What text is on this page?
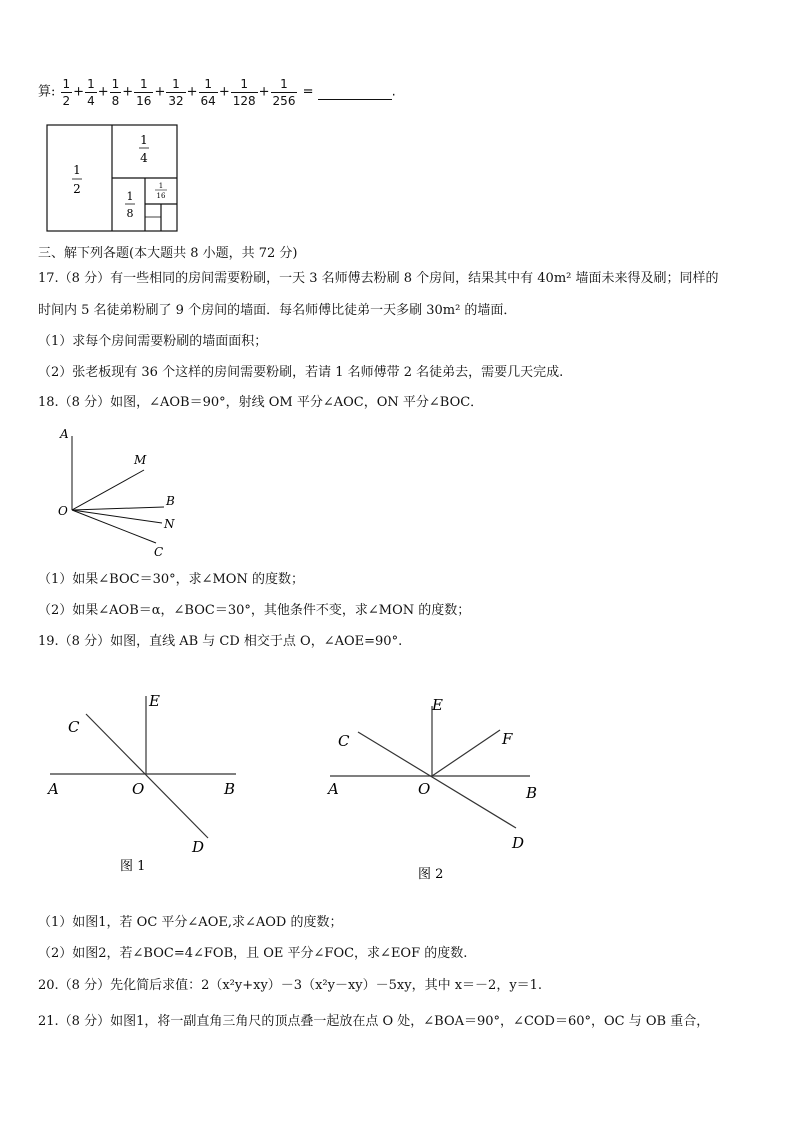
算: $\frac{1}{2} + \frac{1}{4} + \frac{1}{8} + \frac{1}{16} + \frac{1}{32} + \frac{1}{64} + \frac{1}{128} + \frac{1}{256}$ =	.
1
2
1
4
1
8
1
16
三、解下列各题(本大题共 8 小题，共 72 分)
17.（8 分）有一些相同的房间需要粉刷，一天 3 名师傅去粉刷 8 个房间，结果其中有 40m² 墙面未来得及刷；同样的
时间内 5 名徒弟粉刷了 9 个房间的墙面．每名师傅比徒弟一天多刷 30m² 的墙面．
（1）求每个房间需要粉刷的墙面面积；
（2）张老板现有 36 个这样的房间需要粉刷，若请 1 名师傅带 2 名徒弟去，需要几天完成.
18.（8 分）如图，∠AOB＝90°，射线 OM 平分∠AOC，ON 平分∠BOC．
A
M
B
O
N
C
（1）如果∠BOC＝30°，求∠MON 的度数；
（2）如果∠AOB＝α，∠BOC＝30°，其他条件不变，求∠MON 的度数；
19.（8 分）如图，直线 AB 与 CD 相交于点 O，∠AOE=90°.
E
C
A	O	B
D
图 1
E
C	F
A	O	B
D
图 2
（1）如图1，若 OC 平分∠AOE,求∠AOD 的度数；
（2）如图2，若∠BOC=4∠FOB，且 OE 平分∠FOC，求∠EOF 的度数.
20.（8 分）先化简后求值：2（x²y+xy）－3（x²y－xy）－5xy，其中 x＝－2，y＝1.
21.（8 分）如图1，将一副直角三角尺的顶点叠一起放在点 O 处，∠BOA＝90°，∠COD＝60°，OC 与 OB 重合，
